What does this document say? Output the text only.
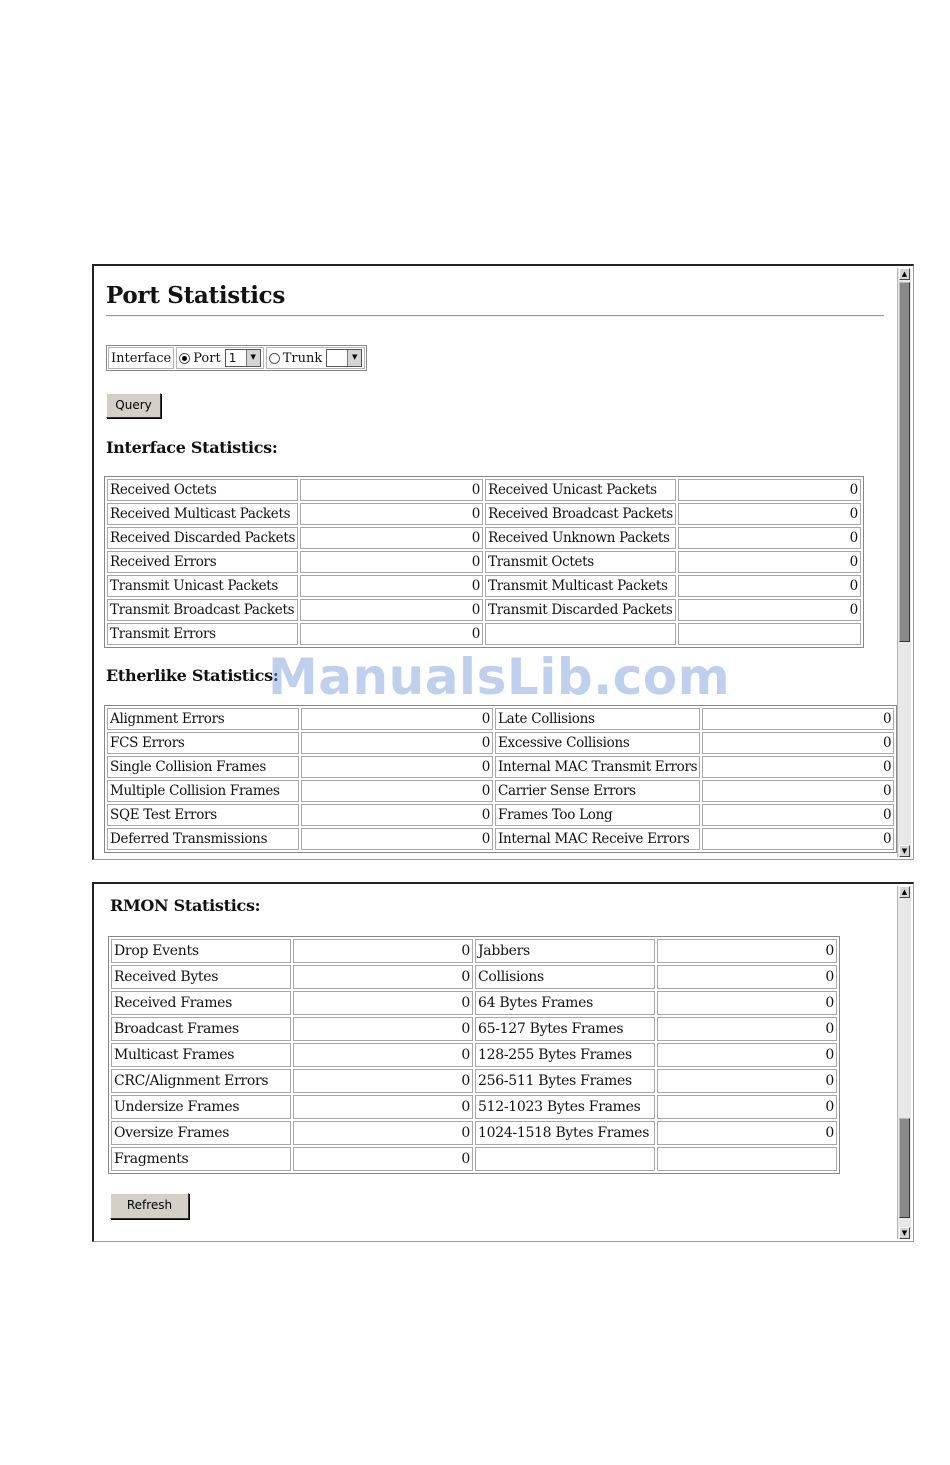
Port Statistics
Interface Port 1	▼ Trunk	▼
Query
Interface Statistics:
Received Octets	0	Received Unicast Packets	0
Received Multicast Packets	0	Received Broadcast Packets	0
Received Discarded Packets	0	Received Unknown Packets	0
Received Errors	0	Transmit Octets	0
Transmit Unicast Packets	0	Transmit Multicast Packets	0
Transmit Broadcast Packets	0	Transmit Discarded Packets	0
Transmit Errors	0		
Etherlike Statistics:
Alignment Errors	0	Late Collisions	0
FCS Errors	0	Excessive Collisions	0
Single Collision Frames	0	Internal MAC Transmit Errors	0
Multiple Collision Frames	0	Carrier Sense Errors	0
SQE Test Errors	0	Frames Too Long	0
Deferred Transmissions	0	Internal MAC Receive Errors	0
▲
▼
ManualsLib.com
RMON Statistics:
Drop Events	0	Jabbers	0
Received Bytes	0	Collisions	0
Received Frames	0	64 Bytes Frames	0
Broadcast Frames	0	65-127 Bytes Frames	0
Multicast Frames	0	128-255 Bytes Frames	0
CRC/Alignment Errors	0	256-511 Bytes Frames	0
Undersize Frames	0	512-1023 Bytes Frames	0
Oversize Frames	0	1024-1518 Bytes Frames	0
Fragments	0		
Refresh
▲
▼
